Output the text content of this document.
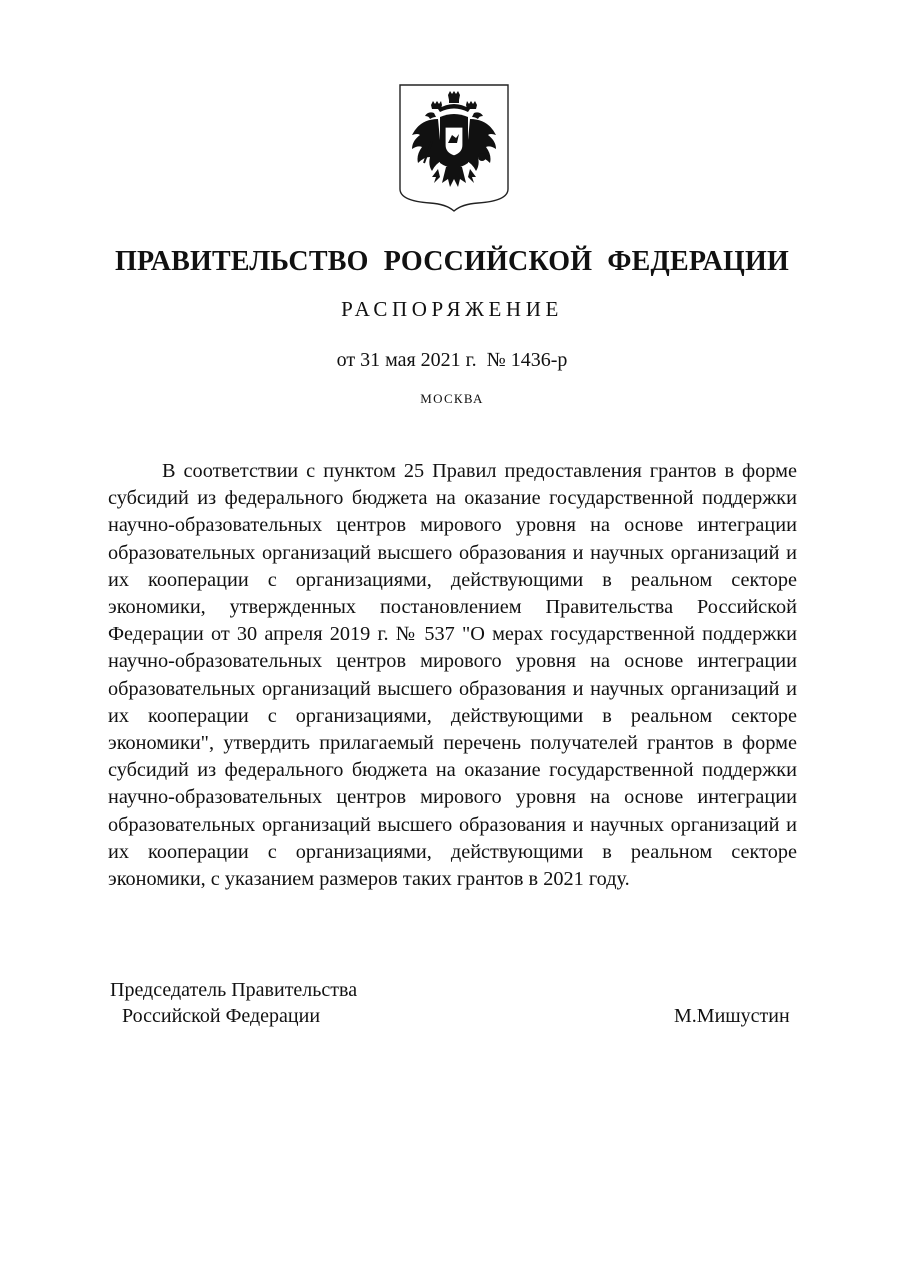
ПРАВИТЕЛЬСТВО РОССИЙСКОЙ ФЕДЕРАЦИИ
РАСПОРЯЖЕНИЕ
от 31 мая 2021 г.  № 1436-р
МОСКВА

В соответствии с пунктом 25 Правил предоставления грантов в форме субсидий из федерального бюджета на оказание государственной поддержки научно-образовательных центров мирового уровня на основе интеграции образовательных организаций высшего образования и научных организаций и их кооперации с организациями, действующими в реальном секторе экономики, утвержденных постановлением Правительства Российской Федерации от 30 апреля 2019 г. № 537 "О мерах государственной поддержки научно-образовательных центров мирового уровня на основе интеграции образовательных организаций высшего образования и научных организаций и их кооперации с организациями, действующими в реальном секторе экономики", утвердить прилагаемый перечень получателей грантов в форме субсидий из федерального бюджета на оказание государственной поддержки научно-образовательных центров мирового уровня на основе интеграции образовательных организаций высшего образования и научных организаций и их кооперации с организациями, действующими в реальном секторе экономики, с указанием размеров таких грантов в 2021 году.

Председатель Правительства
Российской Федерации	М.Мишустин
